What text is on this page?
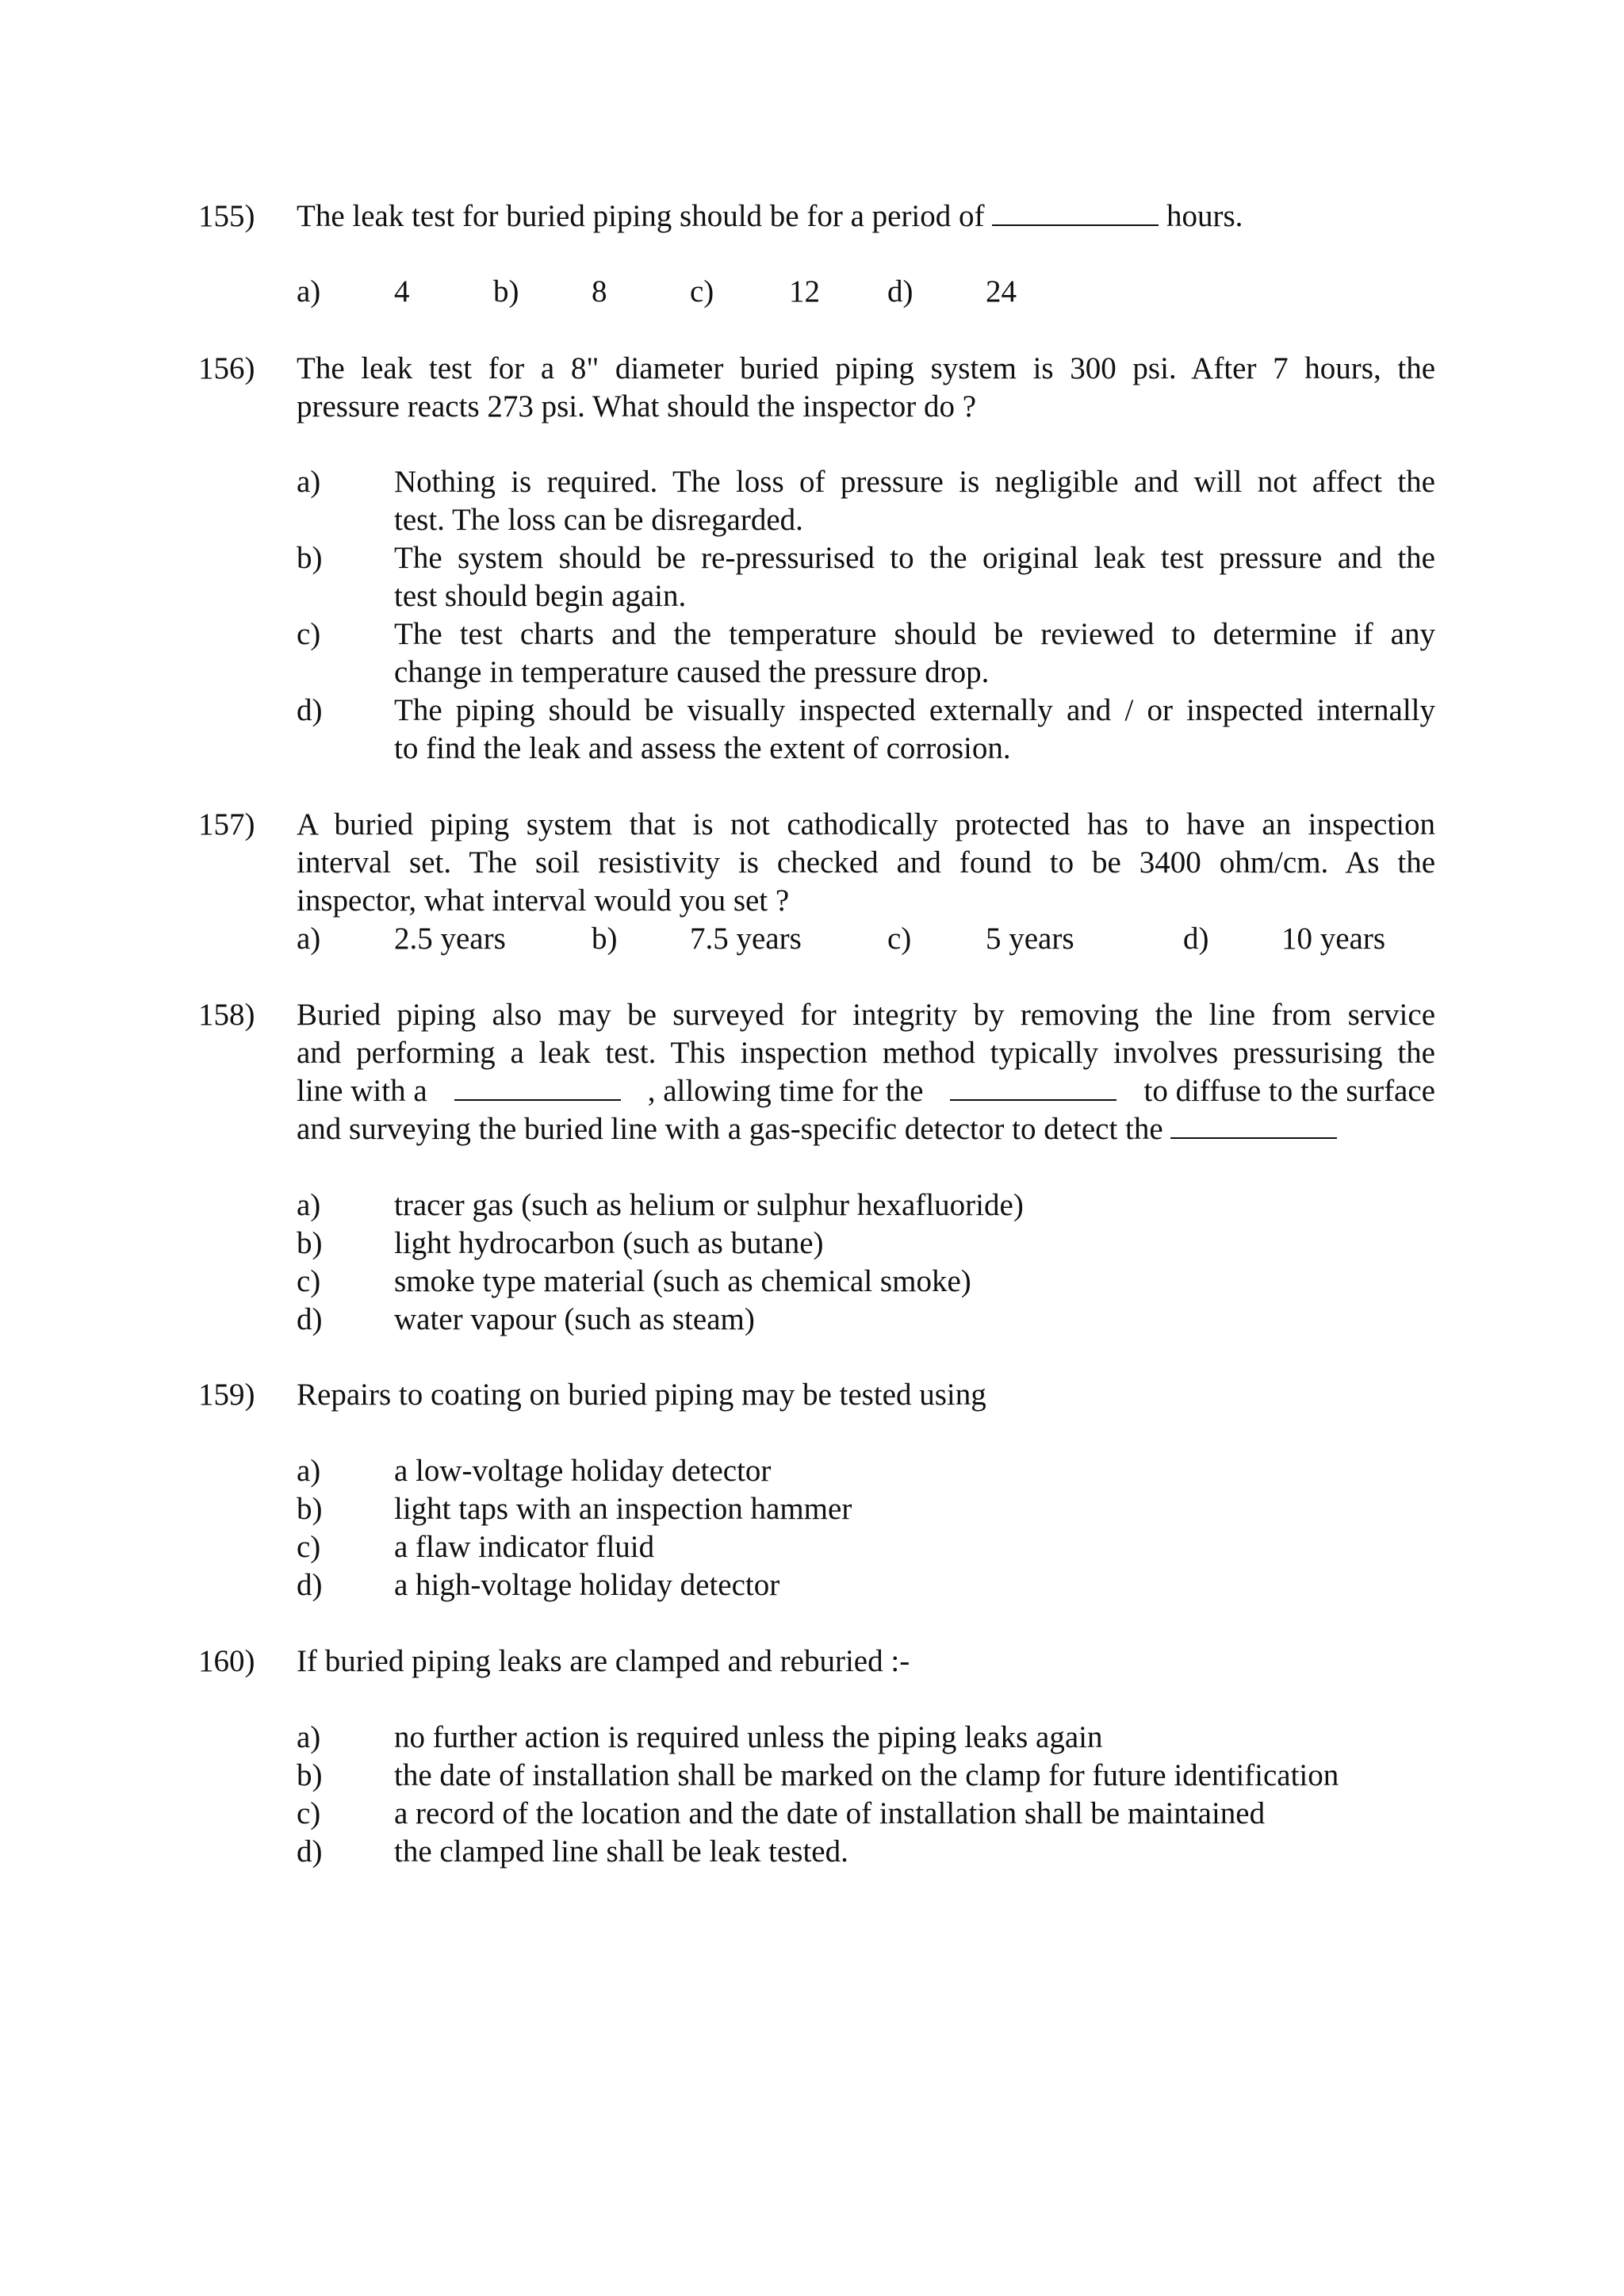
155) The leak test for buried piping should be for a period of	hours.
a) 4	b) 8	c) 12 d) 24
156) The leak test for a 8" diameter buried piping system is 300 psi. After 7 hours, the
pressure reacts 273 psi. What should the inspector do ?
a) Nothing is required. The loss of pressure is negligible and will not affect the
test. The loss can be disregarded.
b) The system should be re-pressurised to the original leak test pressure and the
test should begin again.
c) The test charts and the temperature should be reviewed to determine if any
change in temperature caused the pressure drop.
d) The piping should be visually inspected externally and / or inspected internally
to find the leak and assess the extent of corrosion.
157) A buried piping system that is not cathodically protected has to have an inspection
interval set. The soil resistivity is checked and found to be 3400 ohm/cm. As the
inspector, what interval would you set ?
a) 2.5 years	b) 7.5 years	c) 5 years	d) 10 years
158) Buried piping also may be surveyed for integrity by removing the line from service
and performing a leak test. This inspection method typically involves pressurising the
line with a	, allowing time for the	to diffuse to the surface
and surveying the buried line with a gas-specific detector to detect the
a) tracer gas (such as helium or sulphur hexafluoride)
b) light hydrocarbon (such as butane)
c) smoke type material (such as chemical smoke)
d) water vapour (such as steam)
159) Repairs to coating on buried piping may be tested using
a) a low-voltage holiday detector
b) light taps with an inspection hammer
c) a flaw indicator fluid
d) a high-voltage holiday detector
160) If buried piping leaks are clamped and reburied :-
a) no further action is required unless the piping leaks again
b) the date of installation shall be marked on the clamp for future identification
c) a record of the location and the date of installation shall be maintained
d) the clamped line shall be leak tested.
